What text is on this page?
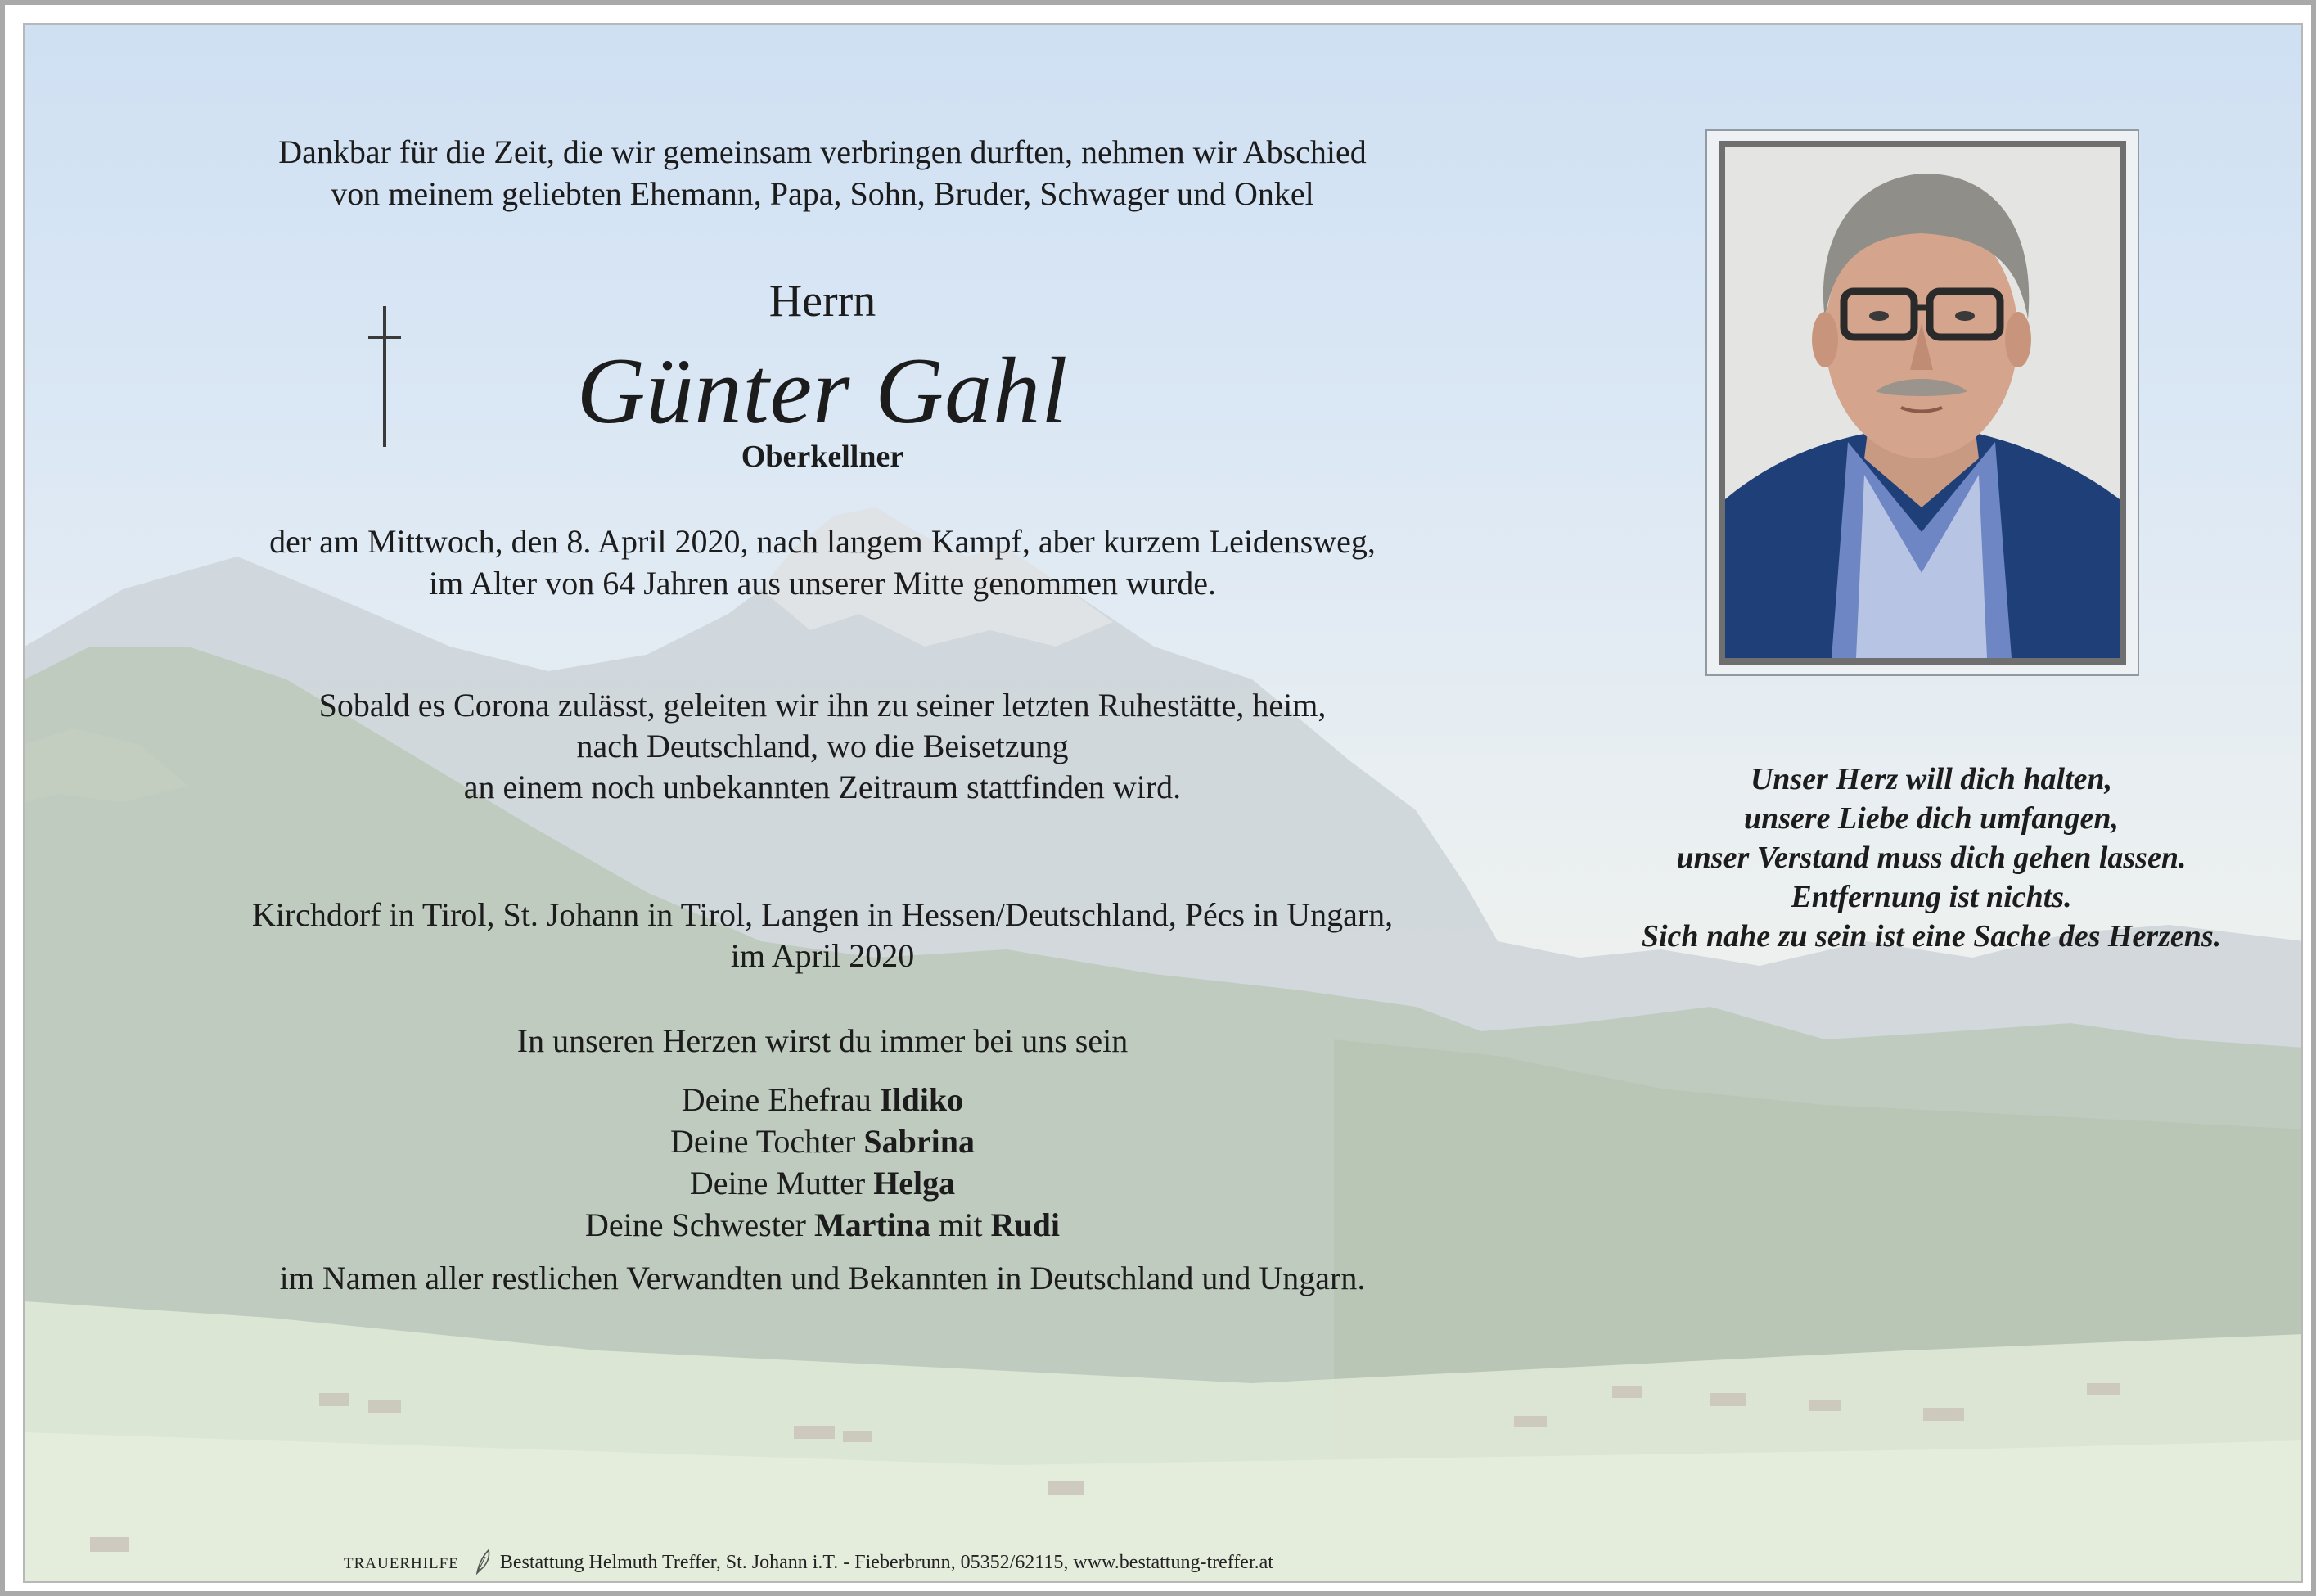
Dankbar für die Zeit, die wir gemeinsam verbringen durften, nehmen wir Abschied
von meinem geliebten Ehemann, Papa, Sohn, Bruder, Schwager und Onkel
Herrn
Günter Gahl
Oberkellner
der am Mittwoch, den 8. April 2020, nach langem Kampf, aber kurzem Leidensweg,
im Alter von 64 Jahren aus unserer Mitte genommen wurde.
Sobald es Corona zulässt, geleiten wir ihn zu seiner letzten Ruhestätte, heim,
nach Deutschland, wo die Beisetzung
an einem noch unbekannten Zeitraum stattfinden wird.
Kirchdorf in Tirol, St. Johann in Tirol, Langen in Hessen/Deutschland, Pécs in Ungarn,
im April 2020
In unseren Herzen wirst du immer bei uns sein
Deine Ehefrau Ildiko
Deine Tochter Sabrina
Deine Mutter Helga
Deine Schwester Martina mit Rudi
im Namen aller restlichen Verwandten und Bekannten in Deutschland und Ungarn.
Unser Herz will dich halten,
unsere Liebe dich umfangen,
unser Verstand muss dich gehen lassen.
Entfernung ist nichts.
Sich nahe zu sein ist eine Sache des Herzens.
TRAUERHILFE Bestattung Helmuth Treffer, St. Johann i.T. - Fieberbrunn, 05352/62115, www.bestattung-treffer.at
